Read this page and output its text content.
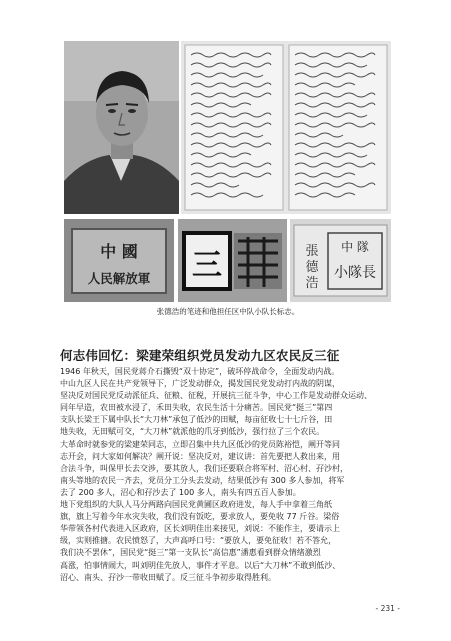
中 國
人民解放軍 三	張
德
浩
中 隊
小隊長
张德浩的笔迹和他担任区中队小队长标志。
何志伟回忆：梁建荣组织党员发动九区农民反三征

1946 年秋天，国民党蒋介石撕毁“双十协定”，破坏停战命令，全面发动内战。

中山九区人民在共产党领导下，广泛发动群众，揭发国民党发动打内战的阴谋，

坚决反对国民党反动派征兵、征粮、征税，开展抗三征斗争，中心工作是发动群众运动、

同年早造，农田被水浸了，禾田失收，农民生活十分痛苦。国民党“挺三”第四

支队长梁王下属中队长“大刀林”承包了低沙的田赋，每亩征收七十七斤谷，田

地失收，无田赋可交，“大刀林”就派他的爪牙到低沙，强行拉了三个农民。

大革命时就参党的梁建荣同志，立即召集中共九区低沙的党员陈裕恺，阐开等同

志开会，问大家如何解决？阐开说：坚决反对，建议讲：首先要把人救出来，用

合法斗争，叫保甲长去交涉，要其放人，我们还要联合将军村、沼心村、孖沙村，

南头等地的农民一齐去，党员分工分头去发动，结果低沙有 300 多人参加，将军

去了 200 多人，沼心和孖沙去了 100 多人，南头有四五百人参加。

地下党组织的大队人马分两路向国民党黄圃区政府进发，每人手中拿着三角纸

旗，旗上写着今年水灾失收，我们没有饭吃，要求放人，要免收 77 斤谷。梁俗

华带领各村代表进入区政府，区长刘明佳出来接见，刘说：不能作主，要请示上

级，实则推搪。农民愤怒了，大声高呼口号：“要放人，要免征收！若不答允，

我们决不罢休”，国民党“挺三”第一支队长“高信惠”潘惠看到群众情绪激烈

高涨，怕事情闹大，叫刘明佳先放人，事件才平息。以后“大刀林”不敢到低沙、

沼心、南头、孖沙一带收田赋了。反三征斗争初步取得胜利。

- 231 -
